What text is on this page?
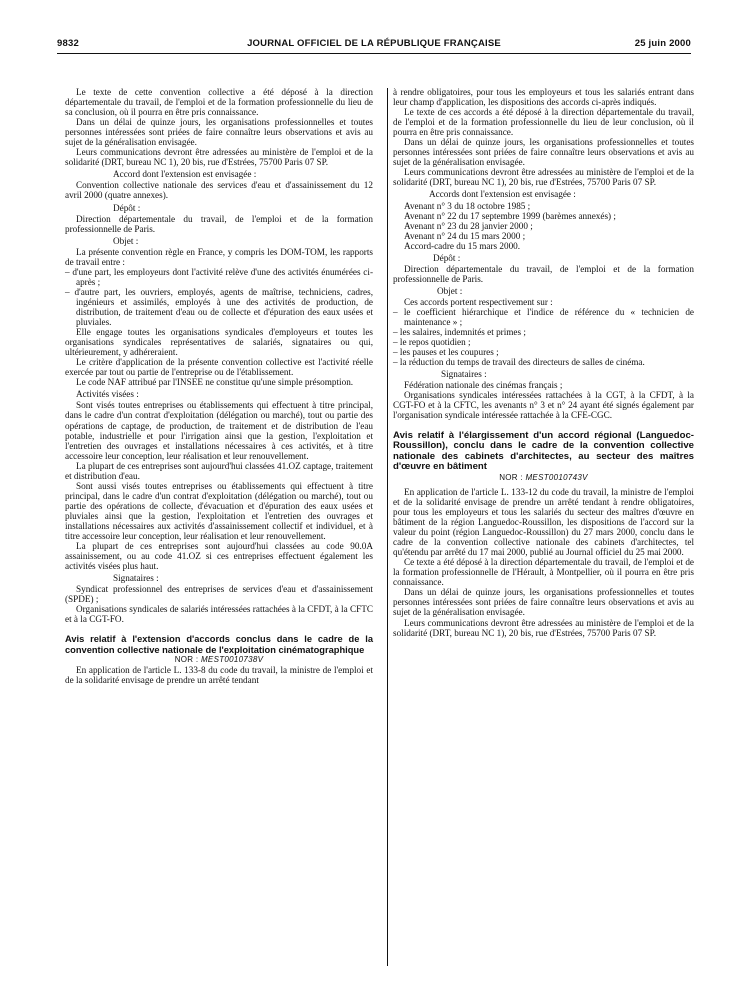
9832	JOURNAL OFFICIEL DE LA RÉPUBLIQUE FRANÇAISE	25 juin 2000

Le texte de cette convention collective a été déposé à la direction départementale du travail, de l'emploi et de la formation professionnelle du lieu de sa conclusion, où il pourra en être pris connaissance.

Dans un délai de quinze jours, les organisations professionnelles et toutes personnes intéressées sont priées de faire connaître leurs observations et avis au sujet de la généralisation envisagée.

Leurs communications devront être adressées au ministère de l'emploi et de la solidarité (DRT, bureau NC 1), 20 bis, rue d'Estrées, 75700 Paris 07 SP.

Accord dont l'extension est envisagée :

Convention collective nationale des services d'eau et d'assainissement du 12 avril 2000 (quatre annexes).

Dépôt :

Direction départementale du travail, de l'emploi et de la formation professionnelle de Paris.

Objet :

La présente convention règle en France, y compris les DOM-TOM, les rapports de travail entre :

– d'une part, les employeurs dont l'activité relève d'une des activités énumérées ci-après ;
– d'autre part, les ouvriers, employés, agents de maîtrise, techniciens, cadres, ingénieurs et assimilés, employés à une des activités de production, de distribution, de traitement d'eau ou de collecte et d'épuration des eaux usées et pluviales.

Elle engage toutes les organisations syndicales d'employeurs et toutes les organisations syndicales représentatives de salariés, signataires ou qui, ultérieurement, y adhéreraient.

Le critère d'application de la présente convention collective est l'activité réelle exercée par tout ou partie de l'entreprise ou de l'établissement.

Le code NAF attribué par l'INSEE ne constitue qu'une simple présomption.

Activités visées :

Sont visés toutes entreprises ou établissements qui effectuent à titre principal, dans le cadre d'un contrat d'exploitation (délégation ou marché), tout ou partie des opérations de captage, de production, de traitement et de distribution de l'eau potable, industrielle et pour l'irrigation ainsi que la gestion, l'exploitation et l'entretien des ouvrages et installations nécessaires à ces activités, et à titre accessoire leur conception, leur réalisation et leur renouvellement.

La plupart de ces entreprises sont aujourd'hui classées 41.OZ captage, traitement et distribution d'eau.

Sont aussi visés toutes entreprises ou établissements qui effectuent à titre principal, dans le cadre d'un contrat d'exploitation (délégation ou marché), tout ou partie des opérations de collecte, d'évacuation et d'épuration des eaux usées et pluviales ainsi que la gestion, l'exploitation et l'entretien des ouvrages et installations nécessaires aux activités d'assainissement collectif et individuel, et à titre accessoire leur conception, leur réalisation et leur renouvellement.

La plupart de ces entreprises sont aujourd'hui classées au code 90.0A assainissement, ou au code 41.OZ si ces entreprises effectuent également les activités visées plus haut.

Signataires :

Syndicat professionnel des entreprises de services d'eau et d'assainissement (SPDE) ;

Organisations syndicales de salariés intéressées rattachées à la CFDT, à la CFTC et à la CGT-FO.

Avis relatif à l'extension d'accords conclus dans le cadre de la convention collective nationale de l'exploitation cinématographique

NOR : MEST0010738V

En application de l'article L. 133-8 du code du travail, la ministre de l'emploi et de la solidarité envisage de prendre un arrêté tendant

à rendre obligatoires, pour tous les employeurs et tous les salariés entrant dans leur champ d'application, les dispositions des accords ci-après indiqués.

Le texte de ces accords a été déposé à la direction départementale du travail, de l'emploi et de la formation professionnelle du lieu de leur conclusion, où il pourra en être pris connaissance.

Dans un délai de quinze jours, les organisations professionnelles et toutes personnes intéressées sont priées de faire connaître leurs observations et avis au sujet de la généralisation envisagée.

Leurs communications devront être adressées au ministère de l'emploi et de la solidarité (DRT, bureau NC 1), 20 bis, rue d'Estrées, 75700 Paris 07 SP.

Accords dont l'extension est envisagée :
Avenant n° 3 du 18 octobre 1985 ;
Avenant n° 22 du 17 septembre 1999 (barèmes annexés) ;
Avenant n° 23 du 28 janvier 2000 ;
Avenant n° 24 du 15 mars 2000 ;
Accord-cadre du 15 mars 2000.
Dépôt :

Direction départementale du travail, de l'emploi et de la formation professionnelle de Paris.

Objet :

Ces accords portent respectivement sur :

– le coefficient hiérarchique et l'indice de référence du « technicien de maintenance » ;
– les salaires, indemnités et primes ;
– le repos quotidien ;
– les pauses et les coupures ;
– la réduction du temps de travail des directeurs de salles de cinéma.
Signataires :

Fédération nationale des cinémas français ;

Organisations syndicales intéressées rattachées à la CGT, à la CFDT, à la CGT-FO et à la CFTC, les avenants n° 3 et n° 24 ayant été signés également par l'organisation syndicale intéressée rattachée à la CFE-CGC.

Avis relatif à l'élargissement d'un accord régional (Languedoc-Roussillon), conclu dans le cadre de la convention collective nationale des cabinets d'architectes, au secteur des maîtres d'œuvre en bâtiment

NOR : MEST0010743V

En application de l'article L. 133-12 du code du travail, la ministre de l'emploi et de la solidarité envisage de prendre un arrêté tendant à rendre obligatoires, pour tous les employeurs et tous les salariés du secteur des maîtres d'œuvre en bâtiment de la région Languedoc-Roussillon, les dispositions de l'accord sur la valeur du point (région Languedoc-Roussillon) du 27 mars 2000, conclu dans le cadre de la convention collective nationale des cabinets d'architectes, tel qu'étendu par arrêté du 17 mai 2000, publié au Journal officiel du 25 mai 2000.

Ce texte a été déposé à la direction départementale du travail, de l'emploi et de la formation professionnelle de l'Hérault, à Montpellier, où il pourra en être pris connaissance.

Dans un délai de quinze jours, les organisations professionnelles et toutes personnes intéressées sont priées de faire connaître leurs observations et avis au sujet de la généralisation envisagée.

Leurs communications devront être adressées au ministère de l'emploi et de la solidarité (DRT, bureau NC 1), 20 bis, rue d'Estrées, 75700 Paris 07 SP.
